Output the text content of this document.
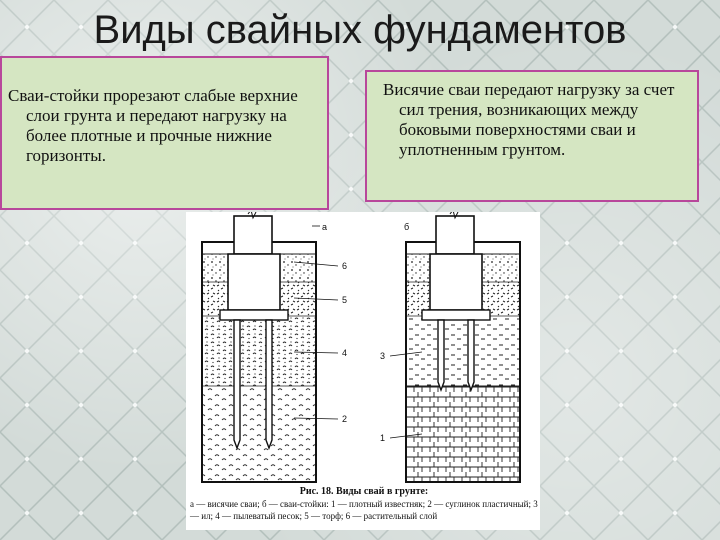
Виды свайных фундаментов

Сваи-стойки прорезают слабые верхние слои грунта и передают нагрузку на более плотные и прочные нижние горизонты.

Висячие сваи передают нагрузку за счет сил трения, возникающих между боковыми поверхностями сваи и уплотненным грунтом.

а
6
5
4
2
б
3
1
Рис. 18. Виды свай в грунте:
а — висячие сваи; б — сваи-стойки: 1 — плотный известняк; 2 — суглинок пластичный; 3 — ил; 4 — пылеватый песок; 5 — торф; 6 — растительный слой
